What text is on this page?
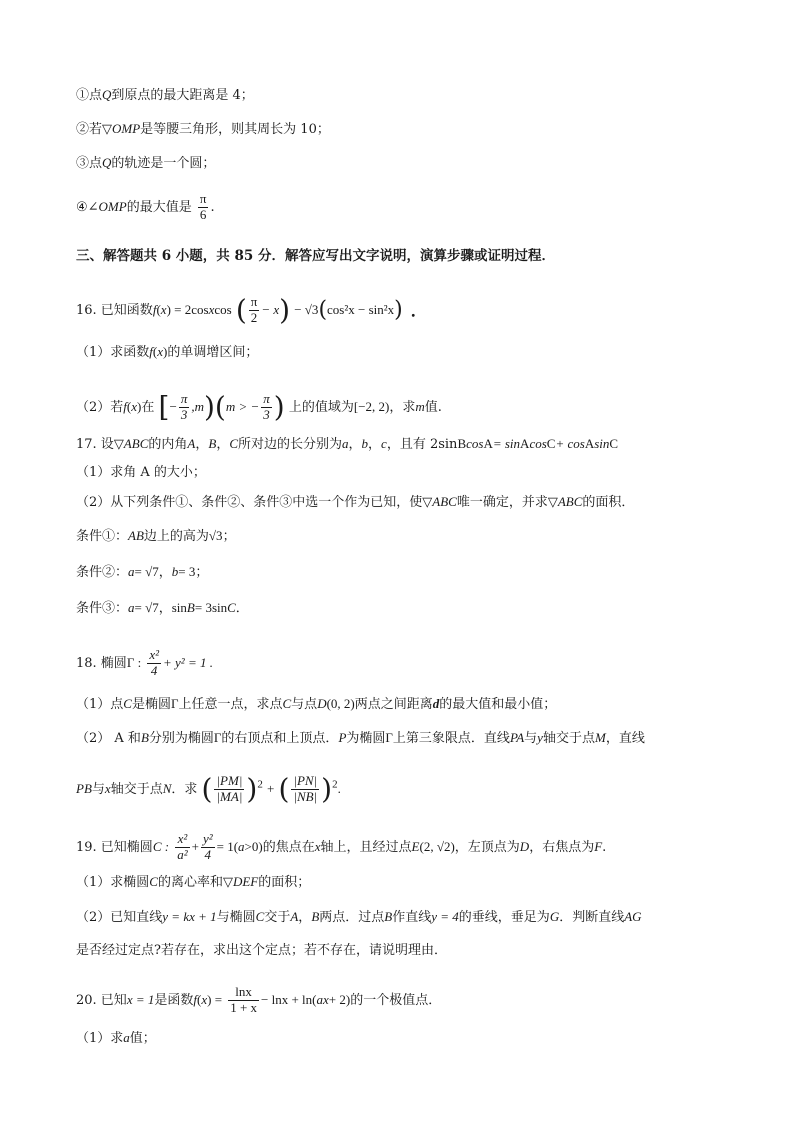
①点Q到原点的最大距离是 4；
②若▽OMP是等腰三角形，则其周长为 10；
③点Q的轨迹是一个圆；
④∠OMP的最大值是 $\frac{\pi}{6}$ .
三、解答题共 6 小题，共 85 分．解答应写出文字说明，演算步骤或证明过程．
16. 已知函数f(x) = 2cosxcos ( $\frac{\pi}{2} - x) - √3(\cos^2x - \sin^2x)$ .
（1）求函数f(x)的单调增区间；
（2）若f(x)在 [− $\frac{\pi}{3} ,m)(m$ > − $\frac{\pi}{3}$ ) 上的值域为[−2, 2)，求m值.
17. 设▽ABC的内角A，B，C所对边的长分别为a，b，c，且有 2sinBcosA= sinAcosC+ cosAsinC
（1）求角 A 的大小；
（2）从下列条件①、条件②、条件③中选一个作为已知，使▽ABC唯一确定，并求▽ABC的面积．
条件①：AB边上的高为√3；
条件②：a= √7，b= 3；
条件③：a= √7，sinB= 3sinC．
18. 椭圆Γ : $\frac{\text{x²}}{4} + y^2 = 1$ .
（1）点C是椭圆Γ上任意一点，求点C与点D(0, 2)两点之间距离d的最大值和最小值；
（2） A 和B分别为椭圆Γ的右顶点和上顶点．P为椭圆Γ上第三象限点．直线PA与y轴交于点M，直线
PB与x轴交于点N．求 ( $\frac{|PM|}{|MA|} )^2$ + ( $\frac{|PN|}{|NB|} )^2$.
19. 已知椭圆C : $\frac{\text{x²}}{\text{a²}} + \frac{\text{y²}}{4} = 1(a>0)$的焦点在x轴上，且经过点E(2, √2)，左顶点为D，右焦点为F.
（1）求椭圆C的离心率和▽DEF的面积；
（2）已知直线y = kx + 1与椭圆C交于A，B两点．过点B作直线y = 4的垂线，垂足为G．判断直线AG
是否经过定点?若存在，求出这个定点；若不存在，请说明理由．
20. 已知x = 1是函数$f(x) = \frac{\ln x}{1 + x} - \ln x + \ln(ax+ 2)$的一个极值点．
（1）求a值；
